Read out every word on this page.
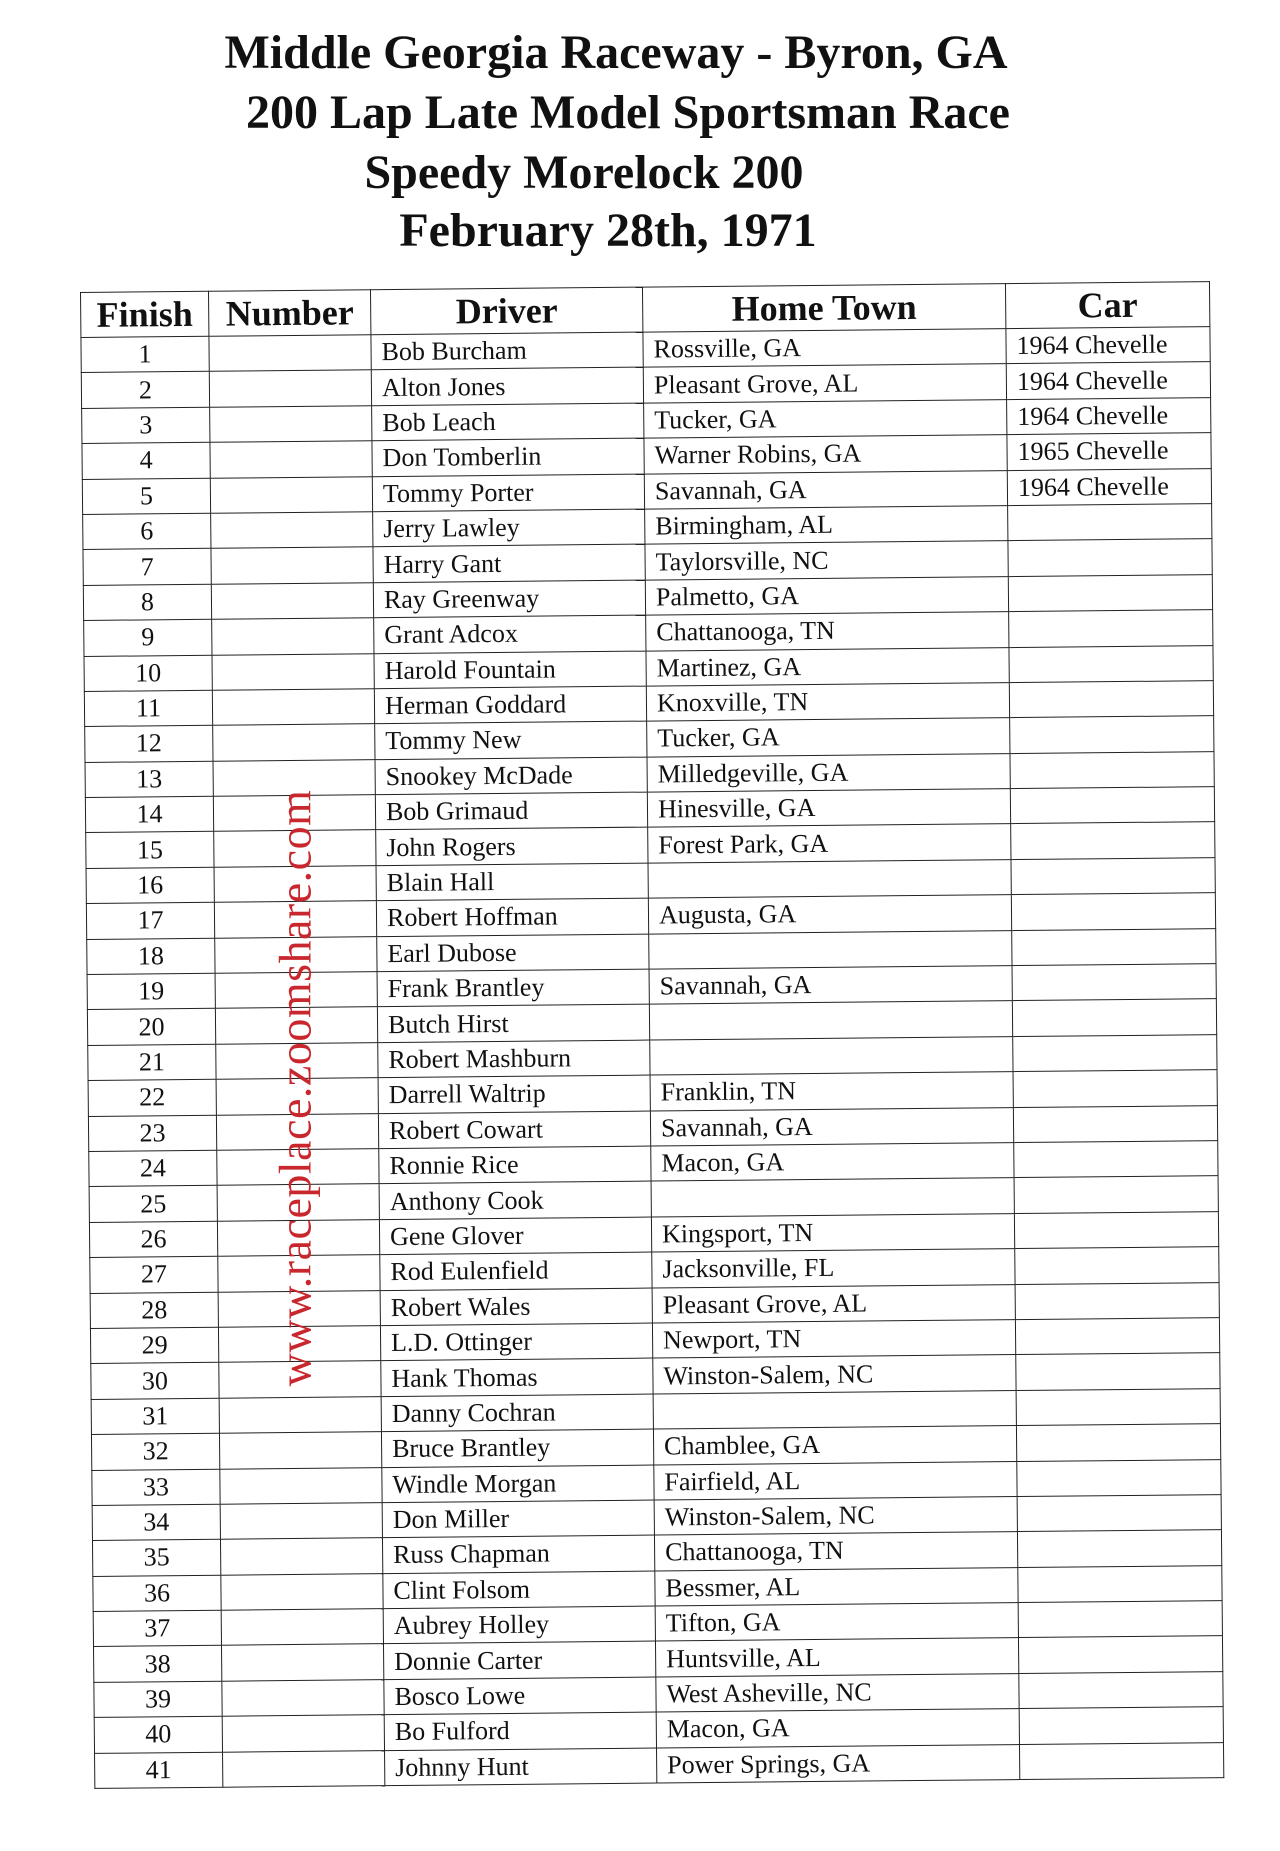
Middle Georgia Raceway - Byron, GA
200 Lap Late Model Sportsman Race
Speedy Morelock 200
February 28th, 1971
Finish	Number	Driver	Home Town	Car
1		Bob Burcham	Rossville, GA	1964 Chevelle
2		Alton Jones	Pleasant Grove, AL	1964 Chevelle
3		Bob Leach	Tucker, GA	1964 Chevelle
4		Don Tomberlin	Warner Robins, GA	1965 Chevelle
5		Tommy Porter	Savannah, GA	1964 Chevelle
6		Jerry Lawley	Birmingham, AL	
7		Harry Gant	Taylorsville, NC	
8		Ray Greenway	Palmetto, GA	
9		Grant Adcox	Chattanooga, TN	
10		Harold Fountain	Martinez, GA	
11		Herman Goddard	Knoxville, TN	
12		Tommy New	Tucker, GA	
13		Snookey McDade	Milledgeville, GA	
14		Bob Grimaud	Hinesville, GA	
15		John Rogers	Forest Park, GA	
16		Blain Hall		
17		Robert Hoffman	Augusta, GA	
18		Earl Dubose		
19		Frank Brantley	Savannah, GA	
20		Butch Hirst		
21		Robert Mashburn		
22		Darrell Waltrip	Franklin, TN	
23		Robert Cowart	Savannah, GA	
24		Ronnie Rice	Macon, GA	
25		Anthony Cook		
26		Gene Glover	Kingsport, TN	
27		Rod Eulenfield	Jacksonville, FL	
28		Robert Wales	Pleasant Grove, AL	
29		L.D. Ottinger	Newport, TN	
30		Hank Thomas	Winston-Salem, NC	
31		Danny Cochran		
32		Bruce Brantley	Chamblee, GA	
33		Windle Morgan	Fairfield, AL	
34		Don Miller	Winston-Salem, NC	
35		Russ Chapman	Chattanooga, TN	
36		Clint Folsom	Bessmer, AL	
37		Aubrey Holley	Tifton, GA	
38		Donnie Carter	Huntsville, AL	
39		Bosco Lowe	West Asheville, NC	
40		Bo Fulford	Macon, GA	
41		Johnny Hunt	Power Springs, GA	
www.raceplace.zoomshare.com
